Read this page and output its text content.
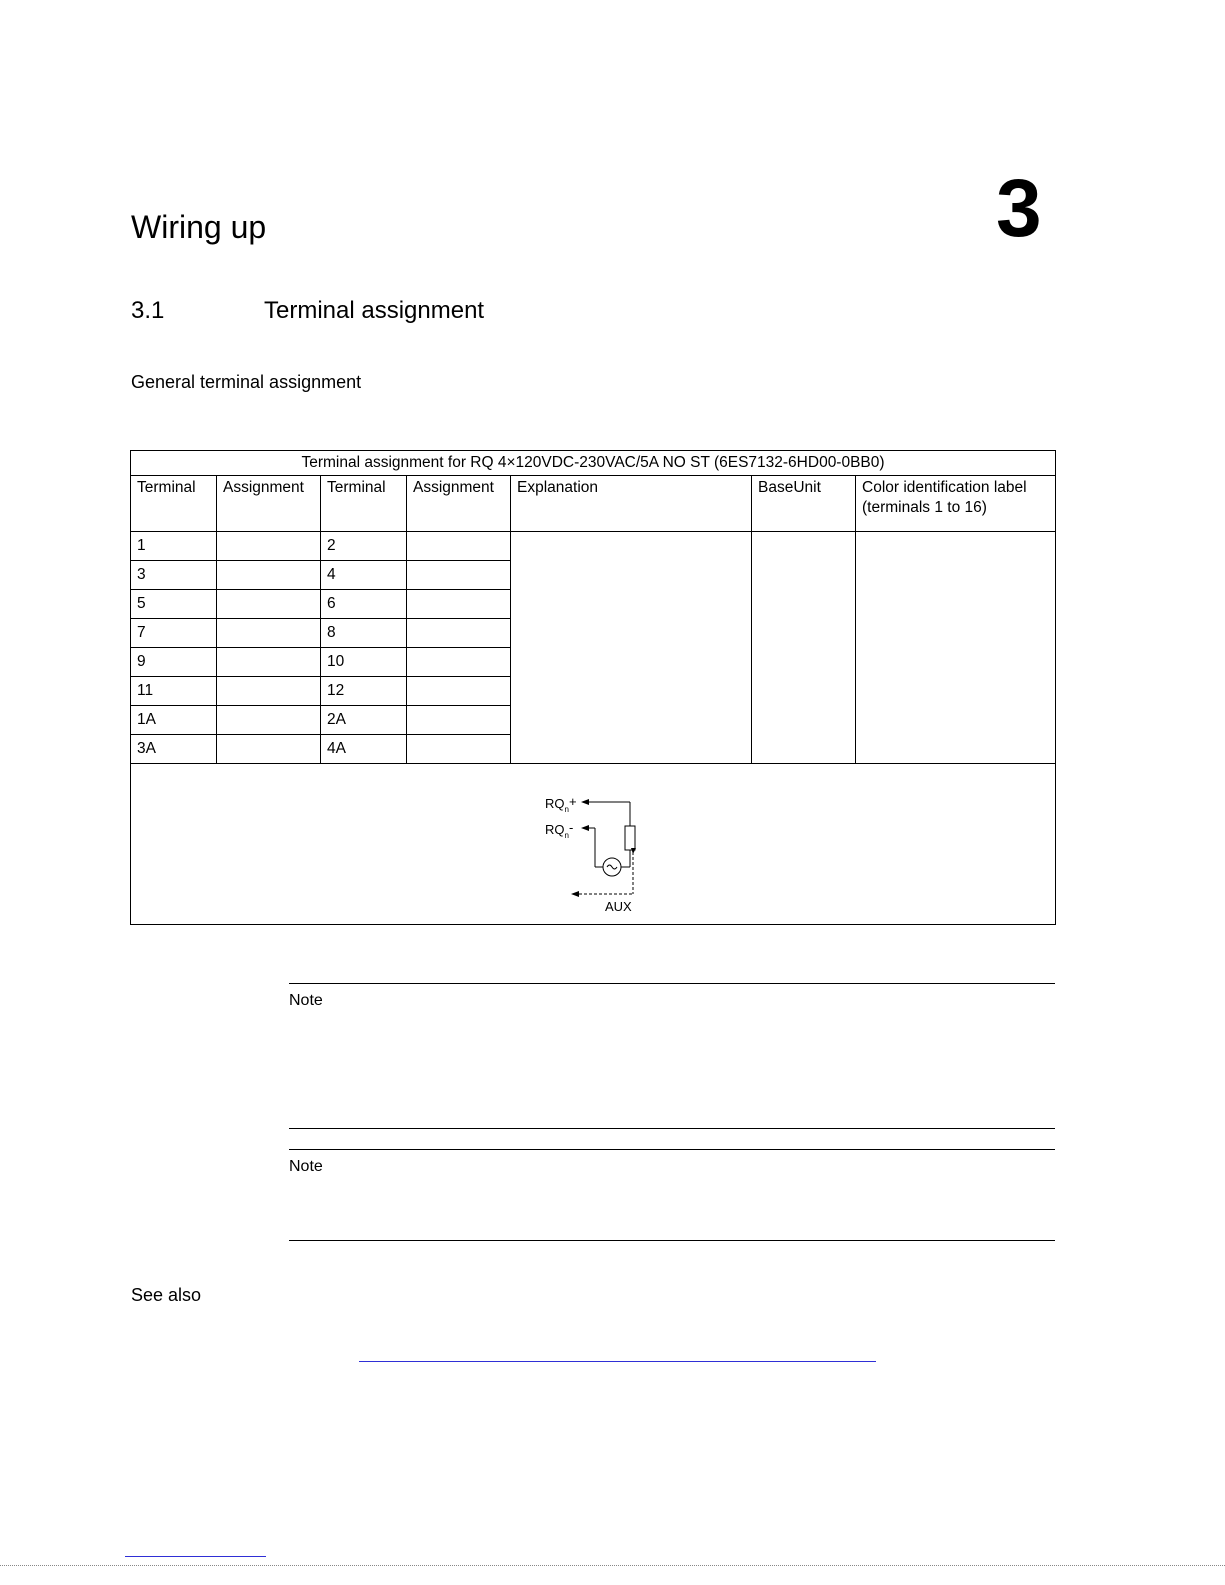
3
Wiring up
3.1	Terminal assignment
General terminal assignment
Terminal assignment for RQ 4×120VDC-230VAC/5A NO ST (6ES7132-6HD00-0BB0)						
Terminal	Assignment	Terminal	Assignment	Explanation	BaseUnit	Color identification label (terminals 1 to 16)
1		2				
3		4				
5		6				
7		8				
9		10				
11		12				
1A		2A				
3A		4A				

$RQ_n+$
$RQ_n-$
AUX						
Note
Note
See also
